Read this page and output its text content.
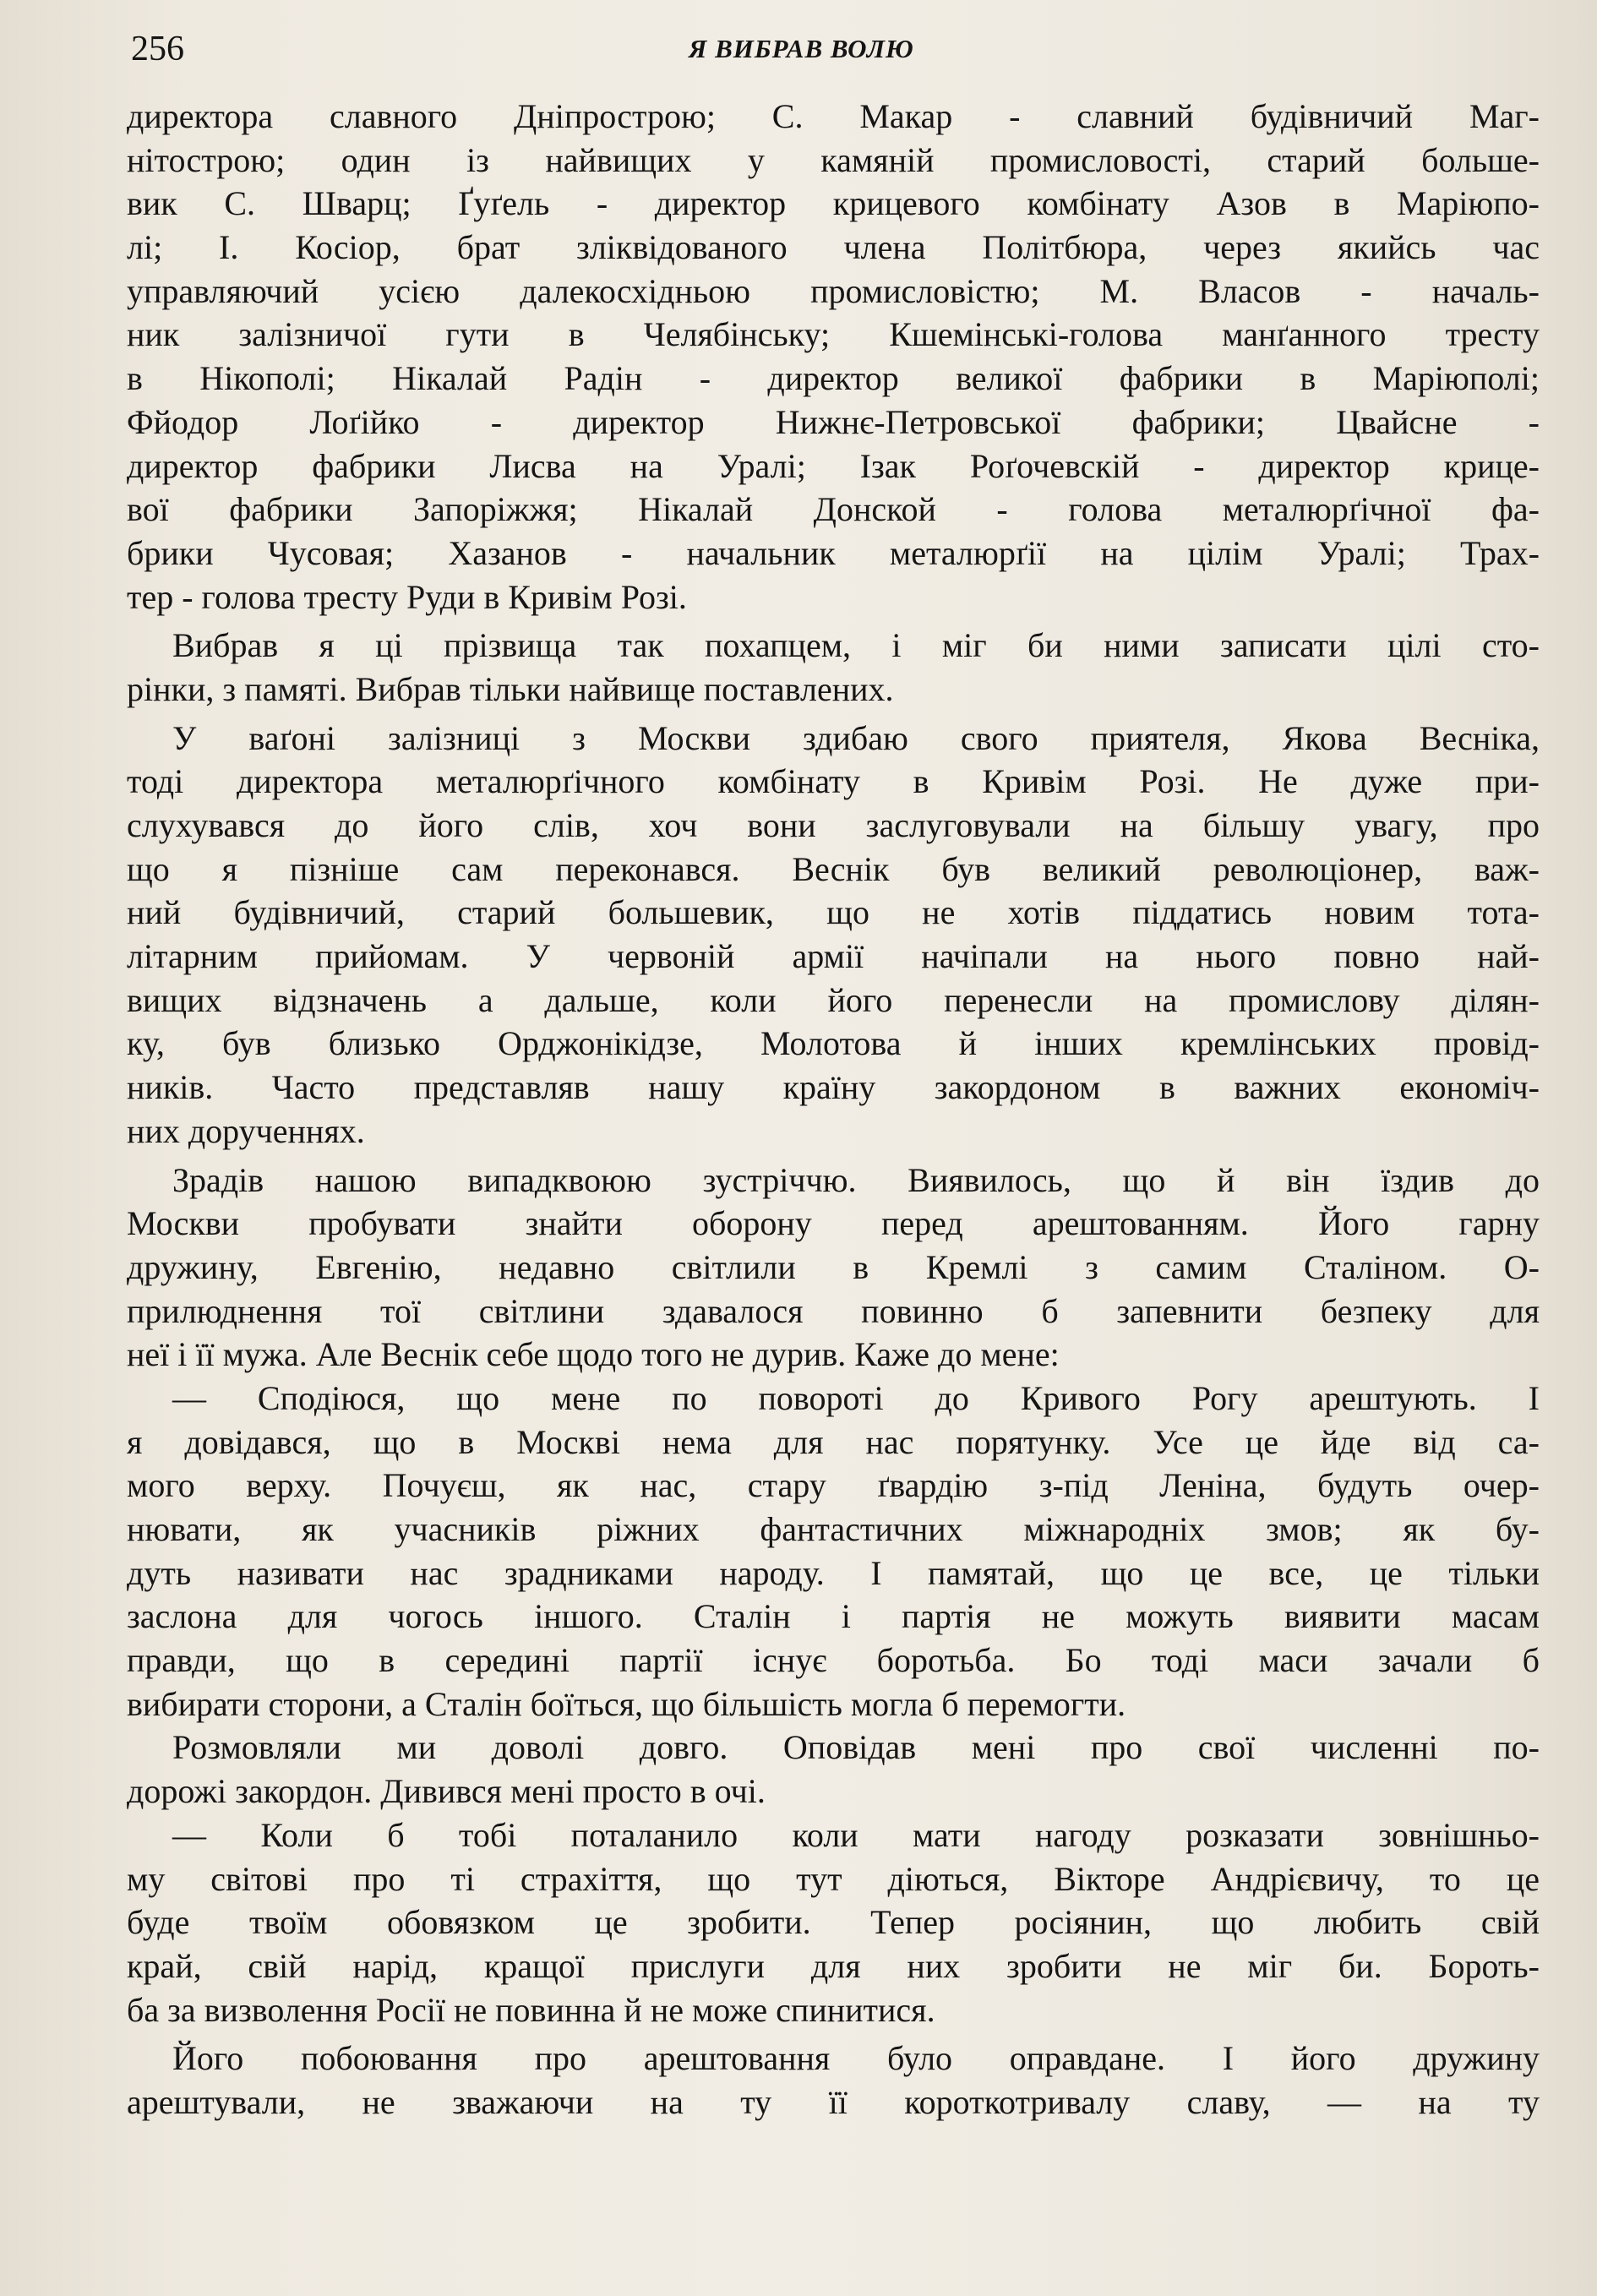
256	Я ВИБРАВ ВОЛЮ
директора славного Дніпрострою; С. Макар - славний будівничий Маг-
нітострою; один із найвищих у камяній промисловості, старий больше-
вик С. Шварц; Ґуґель - директор крицевого комбінату Азов в Маріюпо-
лі; І. Косіор, брат зліквідованого члена Політбюра, через якийсь час
управляючий усією далекосхідньою промисловістю; М. Власов - началь-
ник залізничої гути в Челябінську; Кшемінські-голова манґанного тресту
в Нікополі; Нікалай Радін - директор великої фабрики в Маріюполі;
Фйодор Лоґійко - директор Нижнє-Петровської фабрики; Цвайсне -
директор фабрики Лисва на Уралі; Ізак Роґочевскій - директор крице-
вої фабрики Запоріжжя; Нікалай Донской - голова металюрґічної фа-
брики Чусовая; Хазанов - начальник металюрґії на цілім Уралі; Трах-
тер - голова тресту Руди в Кривім Розі.
Вибрав я ці прізвища так похапцем, і міг би ними записати цілі сто-
рінки, з памяті. Вибрав тільки найвище поставлених.
У ваґоні залізниці з Москви здибаю свого приятеля, Якова Весніка,
тоді директора металюрґічного комбінату в Кривім Розі. Не дуже при-
слухувався до його слів, хоч вони заслуговували на більшу увагу, про
що я пізніше сам переконався. Веснік був великий революціонер, важ-
ний будівничий, старий большевик, що не хотів піддатись новим тота-
літарним прийомам. У червоній армії начіпали на нього повно най-
вищих відзначень а дальше, коли його перенесли на промислову ділян-
ку, був близько Орджонікідзе, Молотова й інших кремлінських провід-
ників. Часто представляв нашу країну закордоном в важних економіч-
них дорученнях.
Зрадів нашою випадквоюю зустріччю. Виявилось, що й він їздив до
Москви пробувати знайти оборону перед арештованням. Його гарну
дружину, Евгенію, недавно світлили в Кремлі з самим Сталіном. О-
прилюднення тої світлини здавалося повинно б запевнити безпеку для
неї і її мужа. Але Веснік себе щодо того не дурив. Каже до мене:
— Сподіюся, що мене по повороті до Кривого Рогу арештують. І
я довідався, що в Москві нема для нас порятунку. Усе це йде від са-
мого верху. Почуєш, як нас, стару ґвардію з-під Леніна, будуть очер-
нювати, як учасників ріжних фантастичних міжнародніх змов; як бу-
дуть називати нас зрадниками народу. І памятай, що це все, це тільки
заслона для чогось іншого. Сталін і партія не можуть виявити масам
правди, що в середині партії існує боротьба. Бо тоді маси зачали б
вибирати сторони, а Сталін боїться, що більшість могла б перемогти.
Розмовляли ми доволі довго. Оповідав мені про свої численні по-
дорожі закордон. Дивився мені просто в очі.
— Коли б тобі поталанило коли мати нагоду розказати зовнішньо-
му світові про ті страхіття, що тут діються, Вікторе Андрієвичу, то це
буде твоїм обовязком це зробити. Тепер росіянин, що любить свій
край, свій нарід, кращої прислуги для них зробити не міг би. Бороть-
ба за визволення Росії не повинна й не може спинитися.
Його побоювання про арештовання було оправдане. І його дружину
арештували, не зважаючи на ту її короткотривалу славу, — на ту
